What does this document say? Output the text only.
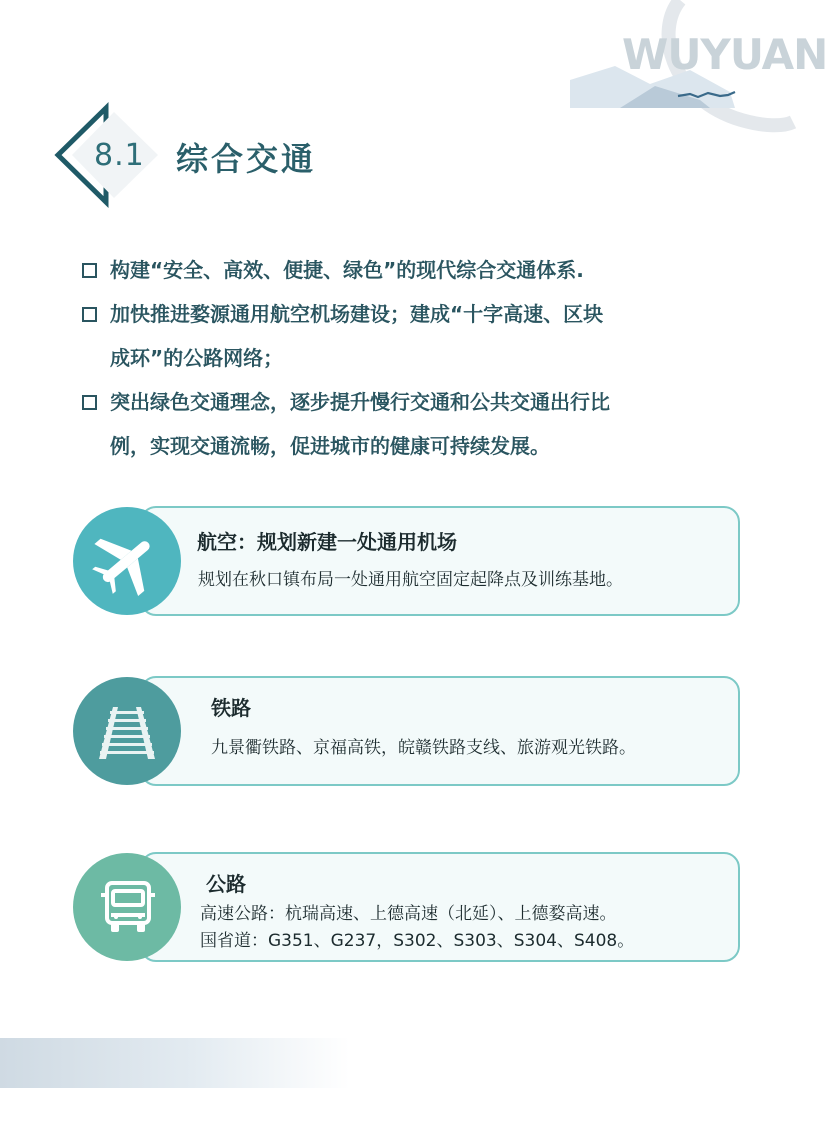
WUYUAN
8.1 综合交通
构建“安全、高效、便捷、绿色”的现代综合交通体系.
加快推进婺源通用航空机场建设；建成“十字高速、区块
成环”的公路网络；
突出绿色交通理念，逐步提升慢行交通和公共交通出行比
例，实现交通流畅，促进城市的健康可持续发展。
航空：规划新建一处通用机场
规划在秋口镇布局一处通用航空固定起降点及训练基地。
铁路
九景衢铁路、京福高铁，皖赣铁路支线、旅游观光铁路。
公路
高速公路：杭瑞高速、上德高速（北延）、上德婺高速。
国省道：G351、G237，S302、S303、S304、S408。
